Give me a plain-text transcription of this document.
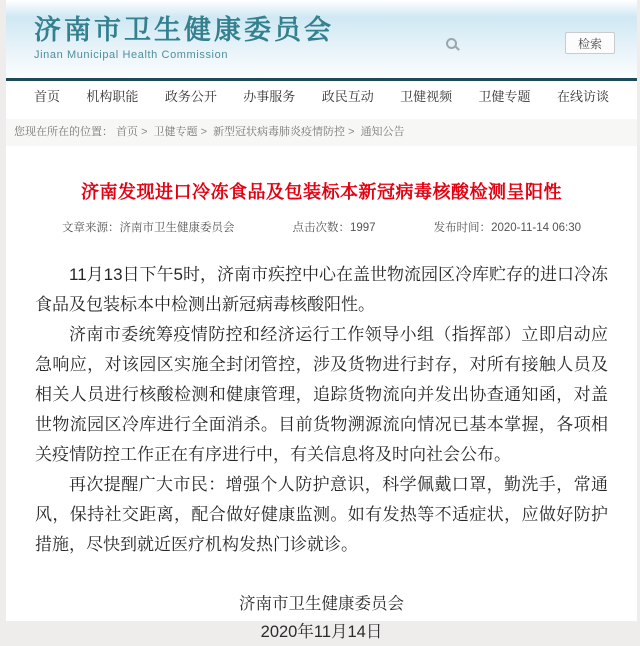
济南市卫生健康委员会
Jinan Municipal Health Commission
检索
首页 机构职能 政务公开 办事服务 政民互动 卫健视频 卫健专题 在线访谈
您现在所在的位置： 首页 > 卫健专题 > 新型冠状病毒肺炎疫情防控 > 通知公告
济南发现进口冷冻食品及包装标本新冠病毒核酸检测呈阳性
文章来源：济南市卫生健康委员会	点击次数：1997	发布时间：2020-11-14 06:30

11月13日下午5时，济南市疾控中心在盖世物流园区冷库贮存的进口冷冻食品及包装标本中检测出新冠病毒核酸阳性。

济南市委统筹疫情防控和经济运行工作领导小组（指挥部）立即启动应急响应，对该园区实施全封闭管控，涉及货物进行封存，对所有接触人员及相关人员进行核酸检测和健康管理，追踪货物流向并发出协查通知函，对盖世物流园区冷库进行全面消杀。目前货物溯源流向情况已基本掌握，各项相关疫情防控工作正在有序进行中，有关信息将及时向社会公布。

再次提醒广大市民：增强个人防护意识，科学佩戴口罩，勤洗手，常通风，保持社交距离，配合做好健康监测。如有发热等不适症状，应做好防护措施，尽快到就近医疗机构发热门诊就诊。

济南市卫生健康委员会
2020年11月14日
